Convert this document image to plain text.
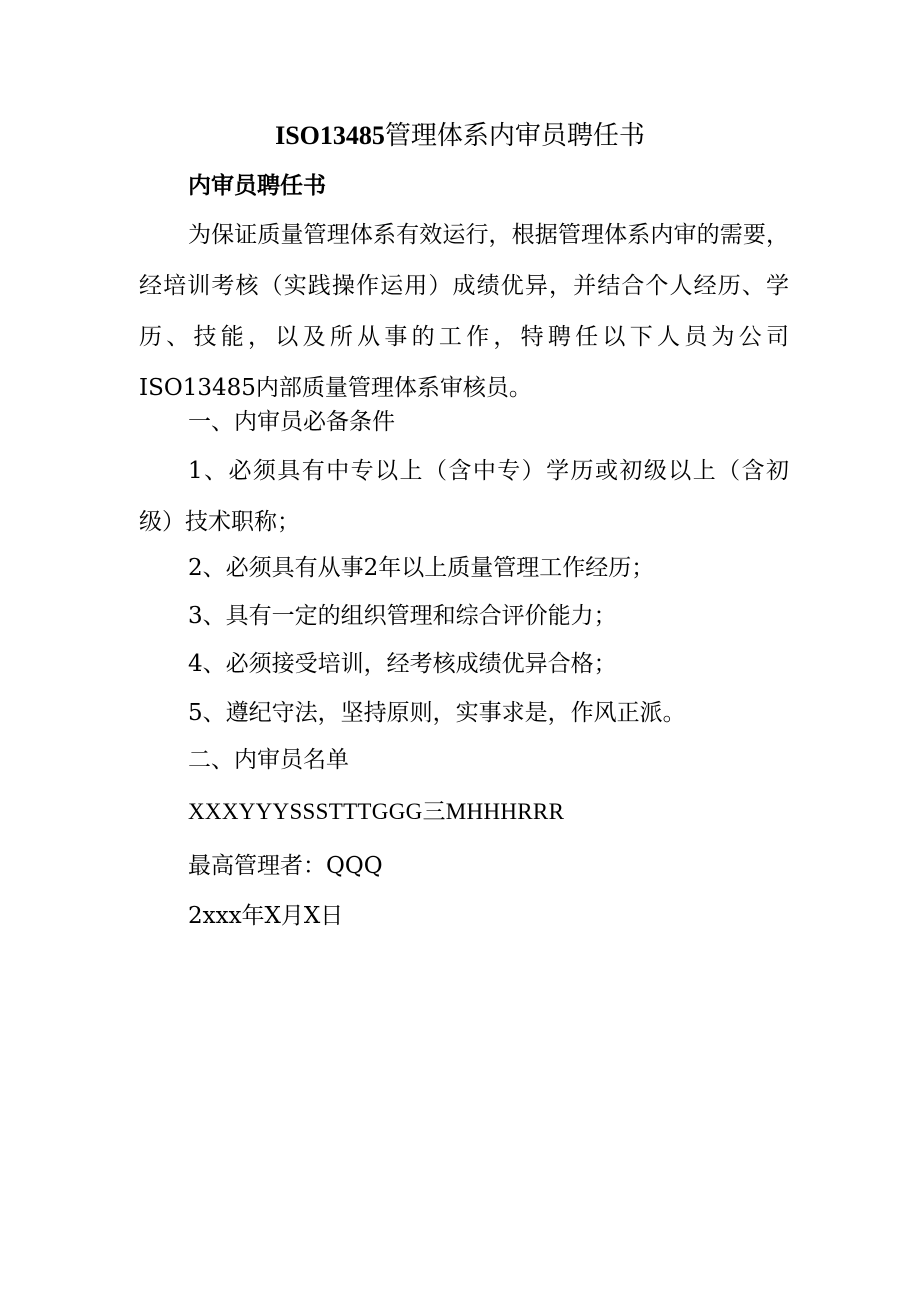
ISO13485管理体系内审员聘任书
内审员聘任书
为保证质量管理体系有效运行，根据管理体系内审的需要，经培训考核（实践操作运用）成绩优异，并结合个人经历、学历、技能，以及所从事的工作，特聘任以下人员为公司ISO13485内部质量管理体系审核员。
一、内审员必备条件
1、必须具有中专以上（含中专）学历或初级以上（含初级）技术职称；
2、必须具有从事2年以上质量管理工作经历；
3、具有一定的组织管理和综合评价能力；
4、必须接受培训，经考核成绩优异合格；
5、遵纪守法，坚持原则，实事求是，作风正派。
二、内审员名单
XXXYYYSSSTTTGGG三MHHHRRR
最高管理者：QQQ
2xxx年X月X日
